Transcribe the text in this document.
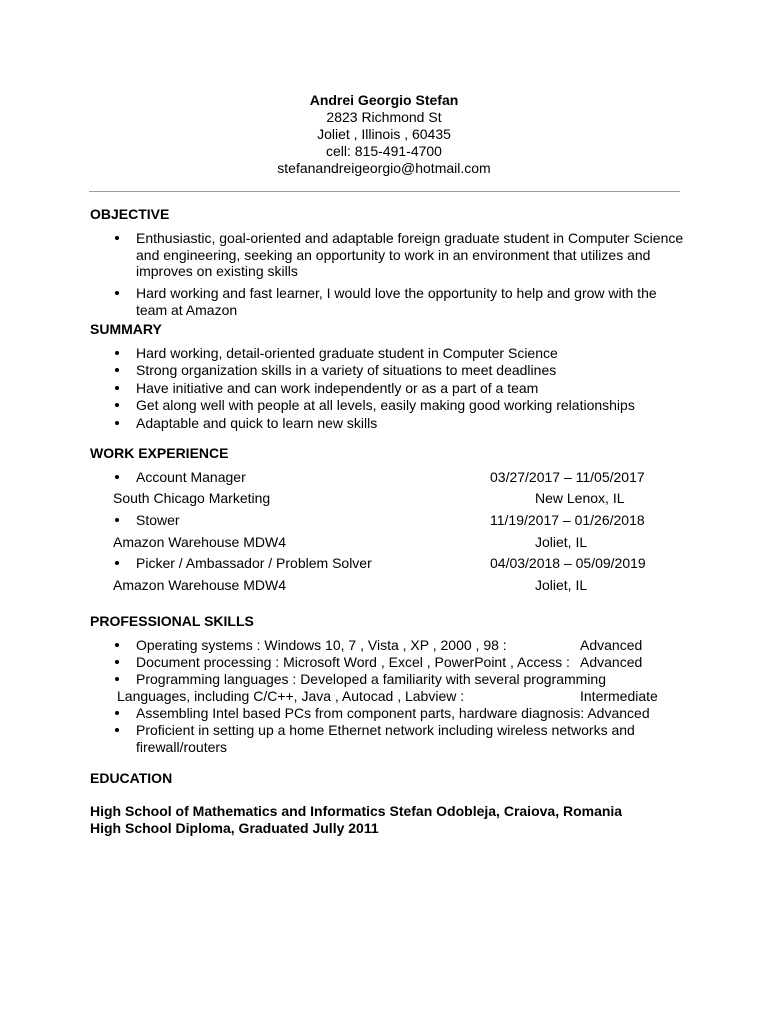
Andrei Georgio Stefan
2823 Richmond St
Joliet , Illinois , 60435
cell: 815-491-4700
stefanandreigeorgio@hotmail.com
OBJECTIVE
Enthusiastic, goal-oriented and adaptable foreign graduate student in Computer Science
and engineering, seeking an opportunity to work in an environment that utilizes and
improves on existing skills
Hard working and fast learner, I would love the opportunity to help and grow with the
team at Amazon
SUMMARY
Hard working, detail-oriented graduate student in Computer Science
Strong organization skills in a variety of situations to meet deadlines
Have initiative and can work independently or as a part of a team
Get along well with people at all levels, easily making good working relationships
Adaptable and quick to learn new skills
WORK EXPERIENCE
Account Manager	03/27/2017 – 11/05/2017
South Chicago Marketing	New Lenox, IL
Stower	11/19/2017 – 01/26/2018
Amazon Warehouse MDW4	Joliet, IL
Picker / Ambassador / Problem Solver	04/03/2018 – 05/09/2019
Amazon Warehouse MDW4	Joliet, IL
PROFESSIONAL SKILLS
Operating systems : Windows 10, 7 , Vista , XP , 2000 , 98 :	Advanced
Document processing : Microsoft Word , Excel , PowerPoint , Access : Advanced
Programming languages : Developed a familiarity with several programming
Languages, including C/C++, Java , Autocad , Labview :	Intermediate
Assembling Intel based PCs from component parts, hardware diagnosis: Advanced
Proficient in setting up a home Ethernet network including wireless networks and
firewall/routers
EDUCATION
High School of Mathematics and Informatics Stefan Odobleja, Craiova, Romania
High School Diploma, Graduated Jully 2011
